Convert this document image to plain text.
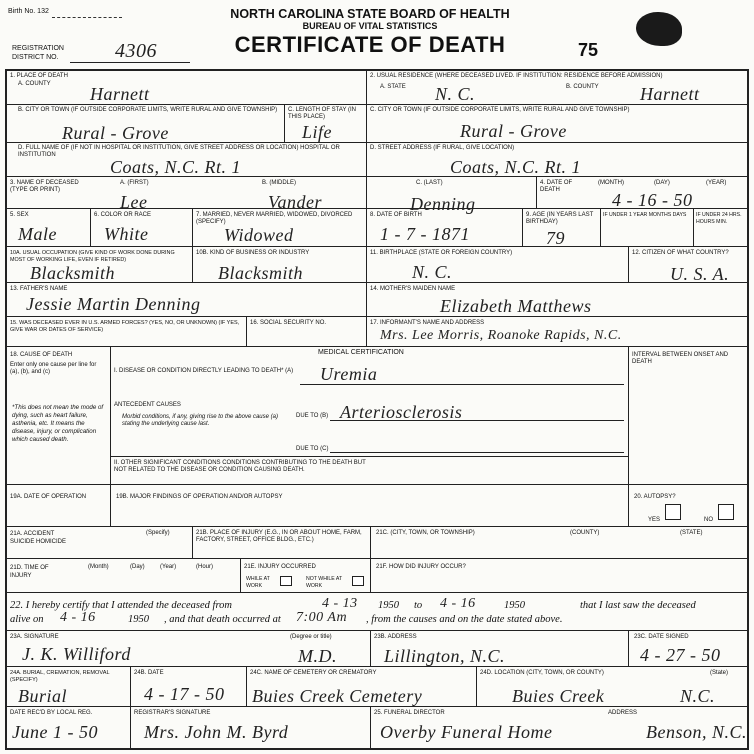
Birth No. 132	NORTH CAROLINA STATE BOARD OF HEALTH
BUREAU OF VITAL STATISTICS
CERTIFICATE OF DEATH	75
REGISTRATION
DISTRICT NO.	4306
1. PLACE OF DEATH
A. COUNTY Harnett
B. CITY OR TOWN (IF OUTSIDE CORPORATE LIMITS, WRITE RURAL AND GIVE TOWNSHIP)
Rural - Grove
C. LENGTH OF STAY (IN THIS PLACE)
Life
D. FULL NAME OF (IF NOT IN HOSPITAL OR INSTITUTION, GIVE STREET ADDRESS OR LOCATION) HOSPITAL OR INSTITUTION
Coats, N.C. Rt. 1
2. USUAL RESIDENCE (WHERE DECEASED LIVED. IF INSTITUTION: RESIDENCE BEFORE ADMISSION)
A. STATE N. C.	B. COUNTY Harnett
C. CITY OR TOWN (IF OUTSIDE CORPORATE LIMITS, WRITE RURAL AND GIVE TOWNSHIP)
Rural - Grove
D. STREET ADDRESS (IF RURAL, GIVE LOCATION)
Coats, N.C. Rt. 1
3. NAME OF DECEASED (TYPE OR PRINT)
A. (FIRST)
Lee
B. (MIDDLE)
Vander
C. (LAST)
Denning
4. DATE OF DEATH
(MONTH)	(DAY)	(YEAR)
4 - 16 - 50
5. SEX
Male
6. COLOR OR RACE
White
7. MARRIED, NEVER MARRIED, WIDOWED, DIVORCED (SPECIFY)
Widowed
8. DATE OF BIRTH
1 - 7 - 1871
9. AGE (IN YEARS LAST BIRTHDAY)
79
IF UNDER 1 YEAR MONTHS DAYS	IF UNDER 24 HRS. HOURS MIN.
10A. USUAL OCCUPATION (GIVE KIND OF WORK DONE DURING MOST OF WORKING LIFE, EVEN IF RETIRED)
Blacksmith
10B. KIND OF BUSINESS OR INDUSTRY
Blacksmith
11. BIRTHPLACE (STATE OR FOREIGN COUNTRY)
N. C.
12. CITIZEN OF WHAT COUNTRY?
U. S. A.
13. FATHER'S NAME
Jessie Martin Denning
14. MOTHER'S MAIDEN NAME
Elizabeth Matthews
15. WAS DECEASED EVER IN U.S. ARMED FORCES? (YES, NO, OR UNKNOWN) (IF YES, GIVE WAR OR DATES OF SERVICE)
16. SOCIAL SECURITY NO.	17. INFORMANT'S NAME AND ADDRESS
Mrs. Lee Morris, Roanoke Rapids, N.C.
18. CAUSE OF DEATH
Enter only one cause per line for (a), (b), and (c)
*This does not mean the mode of dying, such as heart failure, asthenia, etc. It means the disease, injury, or complication which caused death.
MEDICAL CERTIFICATION	INTERVAL BETWEEN ONSET AND DEATH
I. DISEASE OR CONDITION DIRECTLY LEADING TO DEATH* (A)	Uremia
ANTECEDENT CAUSES
Morbid conditions, if any, giving rise to the above cause (a) stating the underlying cause last.
DUE TO (B) Arteriosclerosis
DUE TO (C)
II. OTHER SIGNIFICANT CONDITIONS CONDITIONS CONTRIBUTING TO THE DEATH BUT NOT RELATED TO THE DISEASE OR CONDITION CAUSING DEATH.
19A. DATE OF OPERATION	19B. MAJOR FINDINGS OF OPERATION AND/OR AUTOPSY	20. AUTOPSY?
YES	NO
21A. ACCIDENT SUICIDE HOMICIDE
(Specify)	21B. PLACE OF INJURY (E.G., IN OR ABOUT HOME, FARM, FACTORY, STREET, OFFICE BLDG., ETC.)
21C. (CITY, TOWN, OR TOWNSHIP)	(COUNTY)	(STATE)
21D. TIME OF INJURY
(Month)	(Day)	(Year)	(Hour)	21E. INJURY OCCURRED
WHILE AT WORK
NOT WHILE AT WORK
21F. HOW DID INJURY OCCUR?
22. I hereby certify that I attended the deceased from	4 - 13 1950 to 4 - 16	1950	that I last saw the deceased
alive on 4 - 16	1950 , and that death occurred at 7:00 Am , from the causes and on the date stated above.
23A. SIGNATURE
J. K. Williford
(Degree or title)
M.D.
23B. ADDRESS
Lillington, N.C.
23C. DATE SIGNED
4 - 27 - 50
24A. BURIAL, CREMATION, REMOVAL (SPECIFY)
Burial
24B. DATE
4 - 17 - 50
24C. NAME OF CEMETERY OR CREMATORY
Buies Creek Cemetery
24D. LOCATION (CITY, TOWN, OR COUNTY)
Buies Creek
(State)
N.C.
DATE REC'D BY LOCAL REG.
June 1 - 50
REGISTRAR'S SIGNATURE
Mrs. John M. Byrd
25. FUNERAL DIRECTOR
Overby Funeral Home
ADDRESS
Benson, N.C.
